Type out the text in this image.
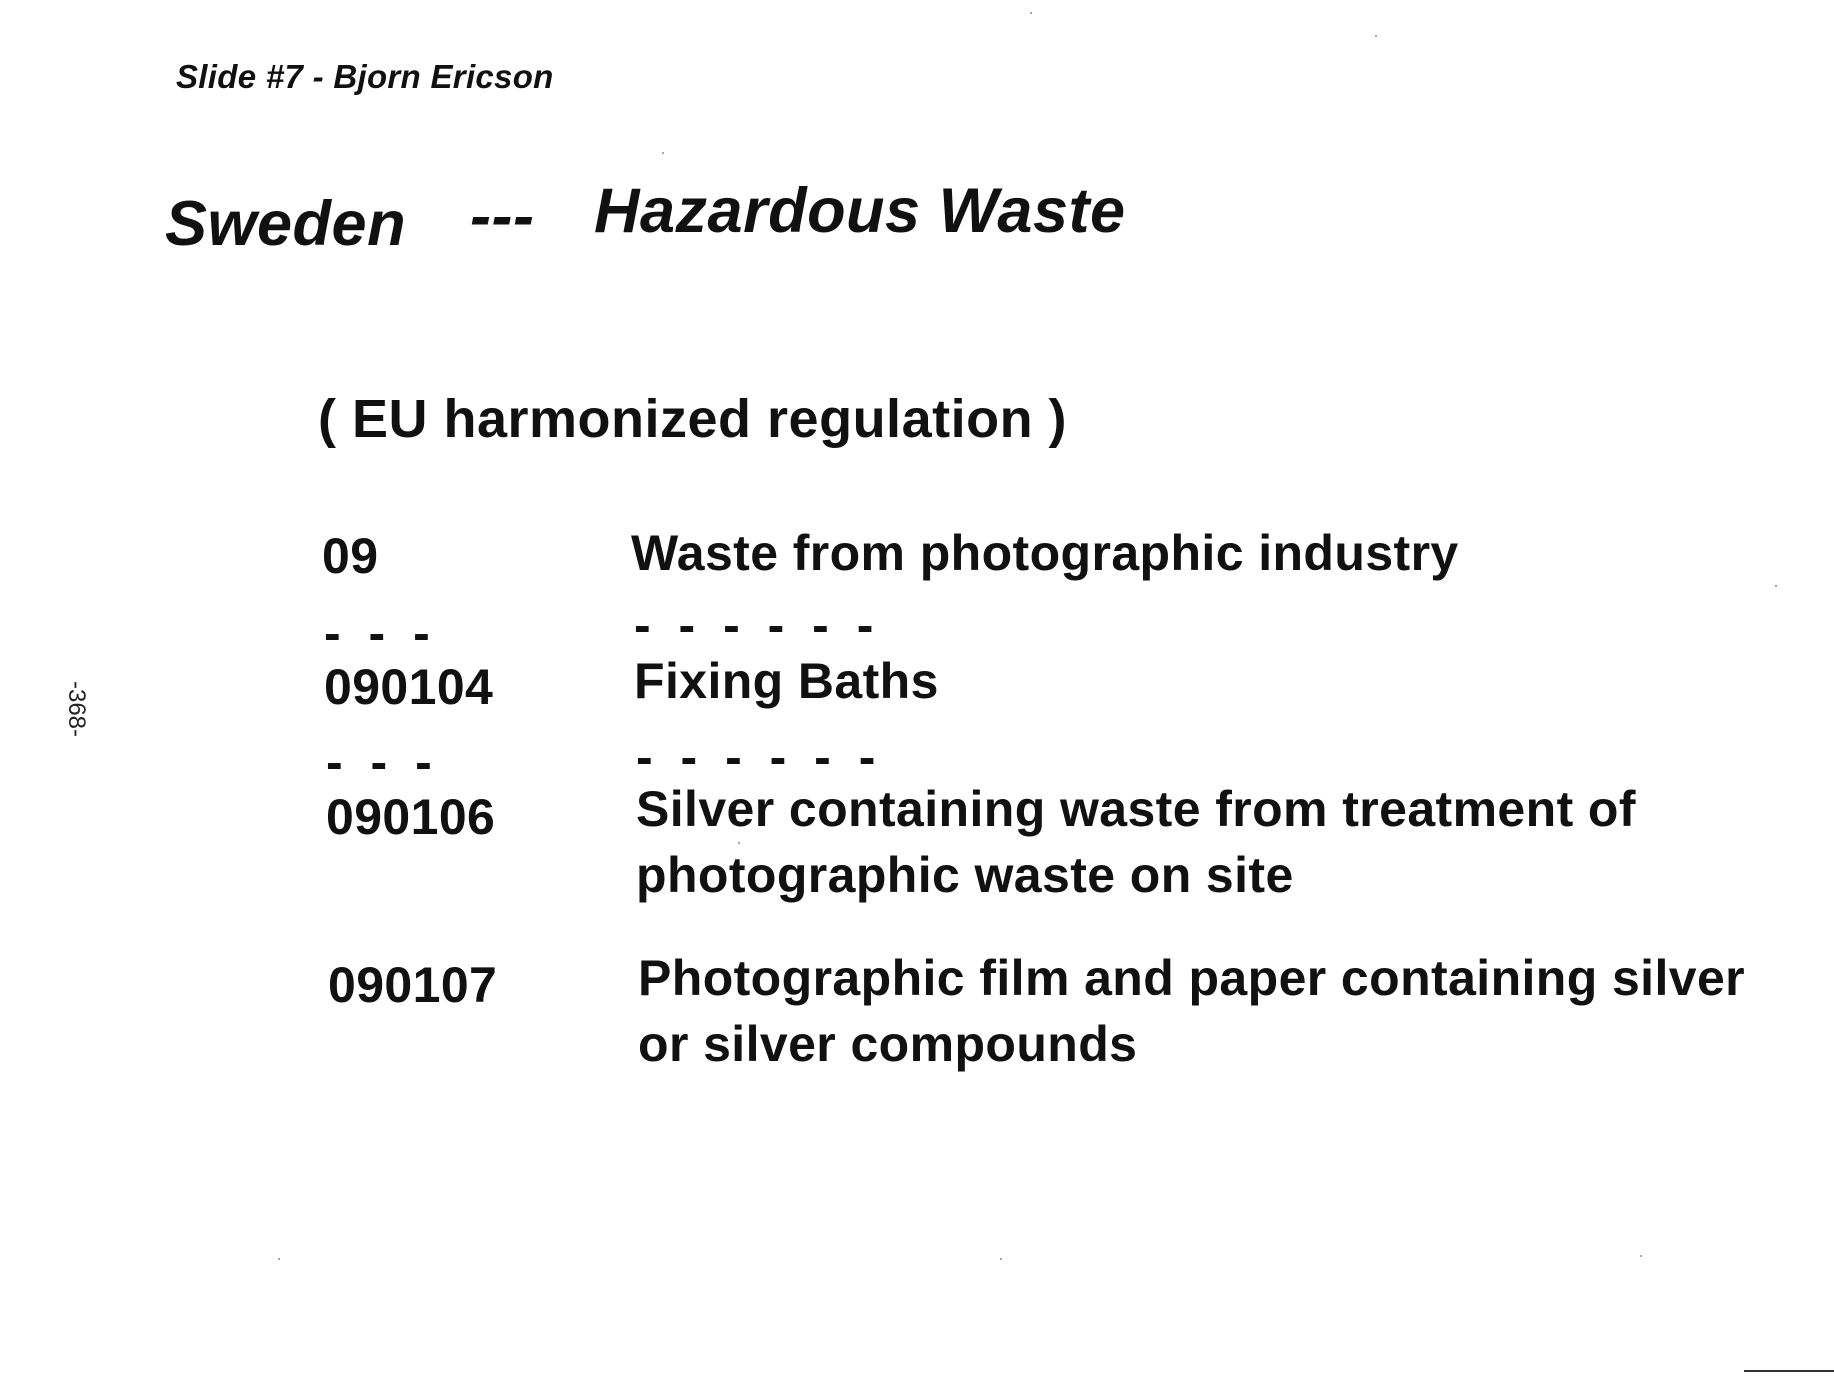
Slide #7 - Bjorn Ericson
Sweden --- Hazardous Waste
( EU harmonized regulation )
09	Waste from photographic industry
- - -	- - - - - -
090104	Fixing Baths
- - -	- - - - - -
090106	Silver containing waste from treatment of photographic waste on site
090107	Photographic film and paper containing silver or silver compounds
-368-
